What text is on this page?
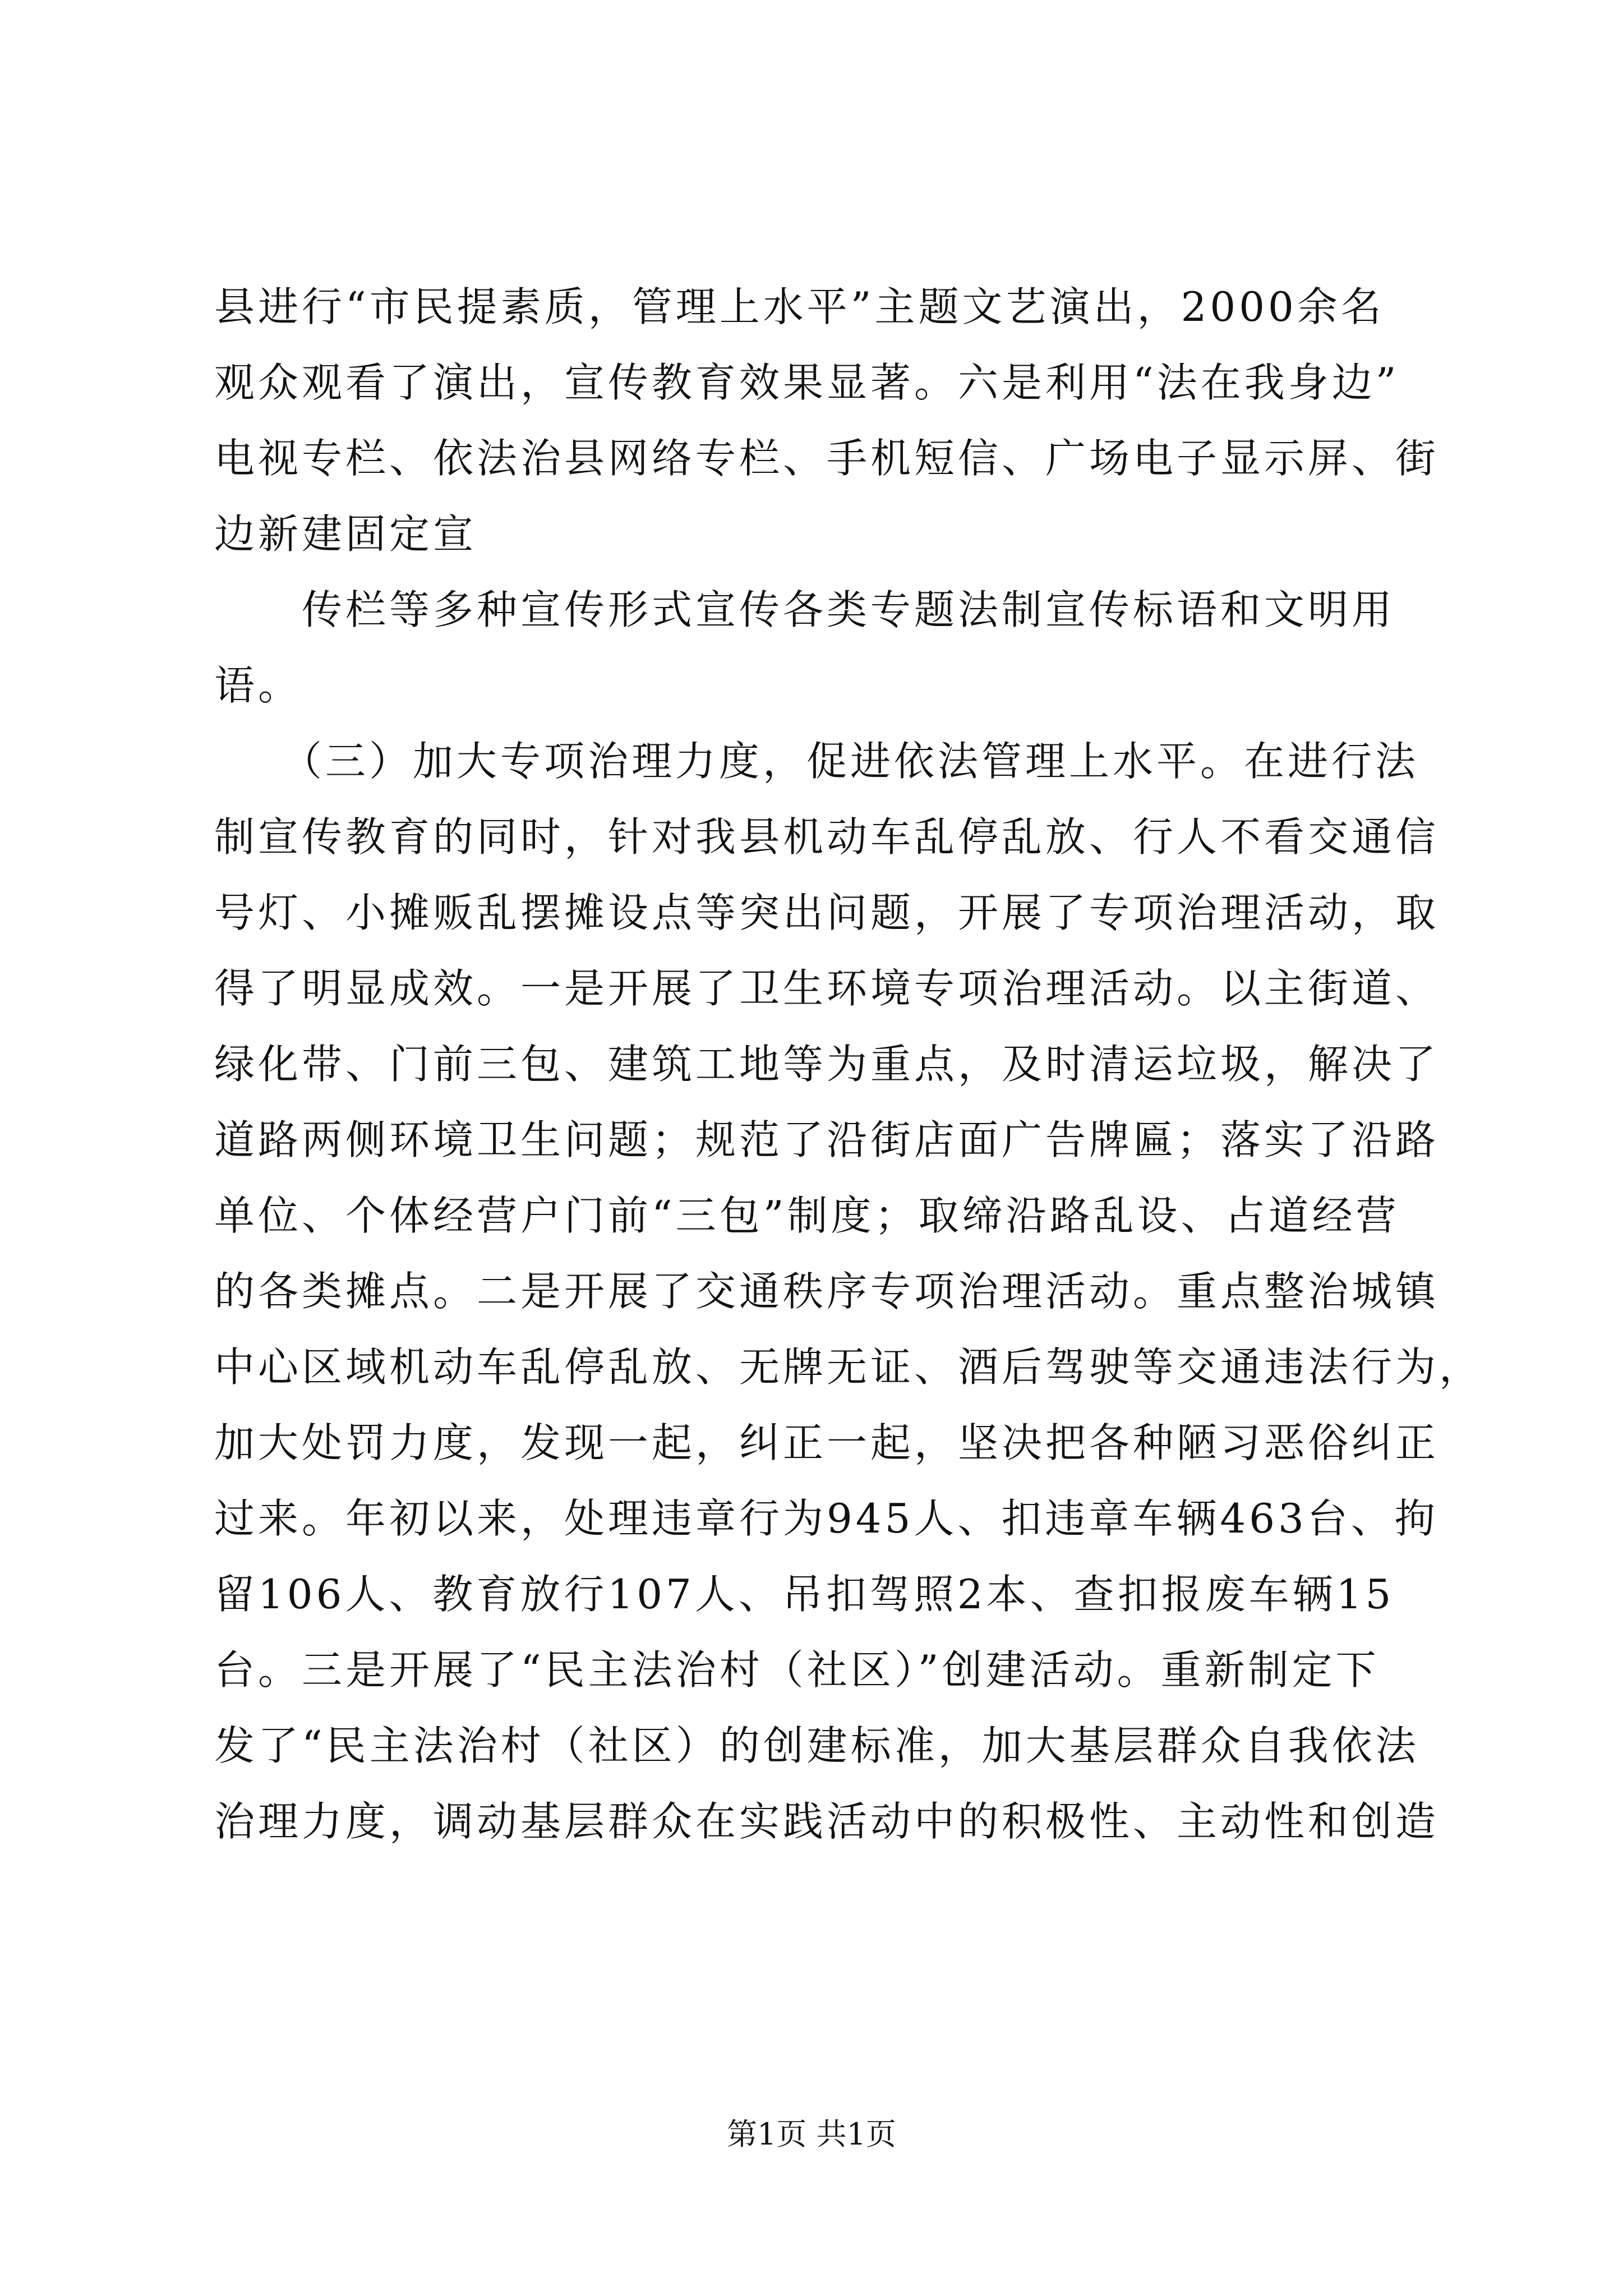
县进行“市民提素质，管理上水平”主题文艺演出，2000余名
观众观看了演出，宣传教育效果显著。六是利用“法在我身边”
电视专栏、依法治县网络专栏、手机短信、广场电子显示屏、街
边新建固定宣
　　传栏等多种宣传形式宣传各类专题法制宣传标语和文明用
语。
　　（三）加大专项治理力度，促进依法管理上水平。在进行法
制宣传教育的同时，针对我县机动车乱停乱放、行人不看交通信
号灯、小摊贩乱摆摊设点等突出问题，开展了专项治理活动，取
得了明显成效。一是开展了卫生环境专项治理活动。以主街道、
绿化带、门前三包、建筑工地等为重点，及时清运垃圾，解决了
道路两侧环境卫生问题；规范了沿街店面广告牌匾；落实了沿路
单位、个体经营户门前“三包”制度；取缔沿路乱设、占道经营
的各类摊点。二是开展了交通秩序专项治理活动。重点整治城镇
中心区域机动车乱停乱放、无牌无证、酒后驾驶等交通违法行为，
加大处罚力度，发现一起，纠正一起，坚决把各种陋习恶俗纠正
过来。年初以来，处理违章行为945人、扣违章车辆463台、拘
留106人、教育放行107人、吊扣驾照2本、查扣报废车辆15
台。三是开展了“民主法治村（社区）”创建活动。重新制定下
发了“民主法治村（社区）的创建标准，加大基层群众自我依法
治理力度，调动基层群众在实践活动中的积极性、主动性和创造
第1页 共1页
